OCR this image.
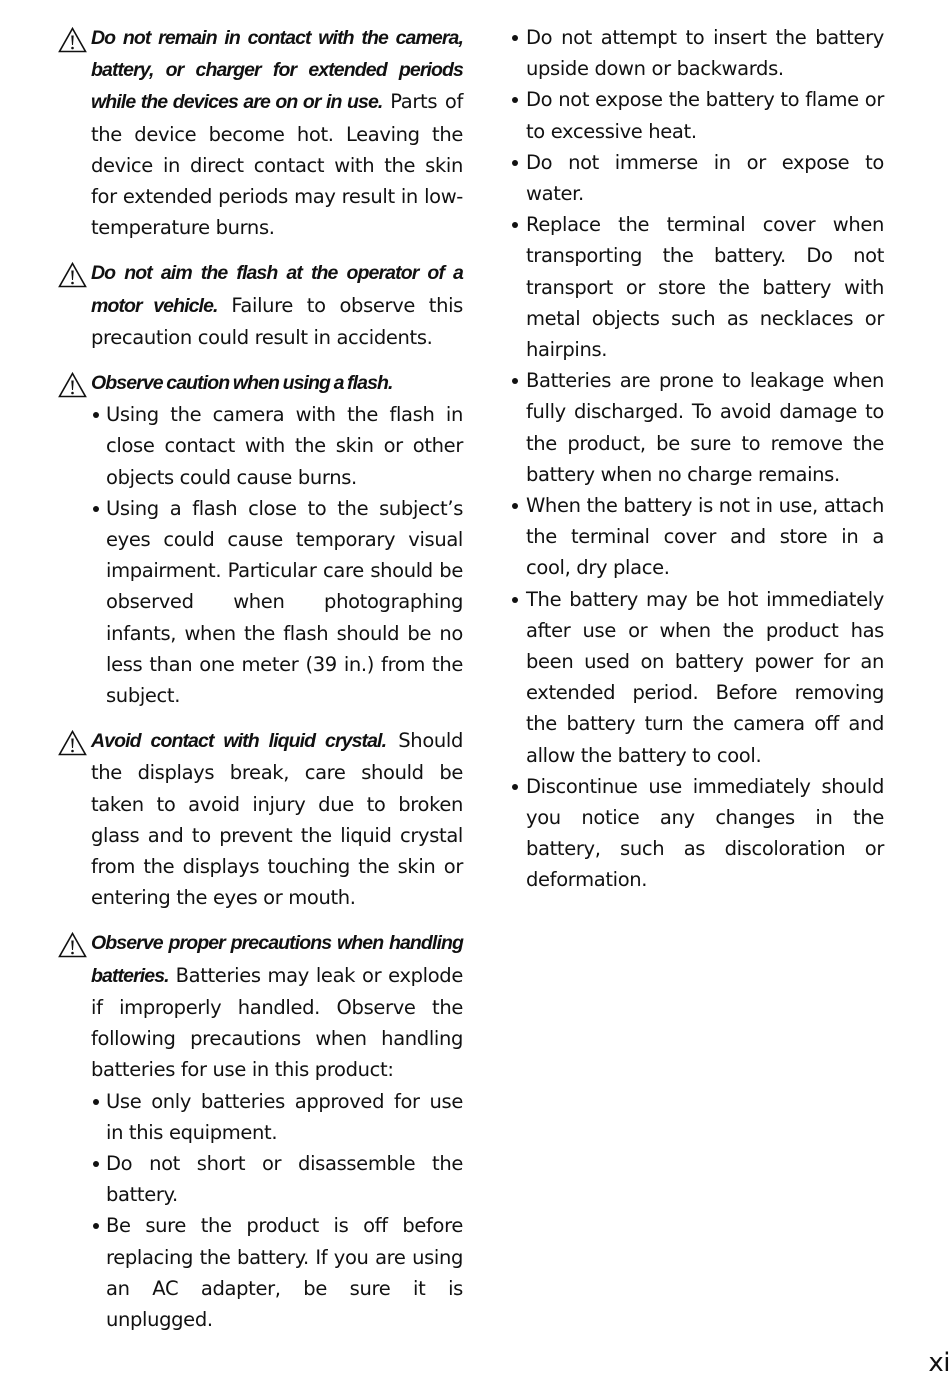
Do not remain in contact with the camera, battery, or charger for extended periods while the devices are on or in use. Parts of the device become hot. Leaving the device in direct contact with the skin for extended periods may result in low-temperature burns.

Do not aim the flash at the operator of a motor vehicle. Failure to observe this precaution could result in accidents.

Observe caution when using a flash.

Using the camera with the flash in close contact with the skin or other objects could cause burns.
Using a flash close to the subject’s eyes could cause temporary visual impairment. Particular care should be observed when photographing infants, when the flash should be no less than one meter (39 in.) from the subject.

Avoid contact with liquid crystal. Should the displays break, care should be taken to avoid injury due to broken glass and to prevent the liquid crystal from the displays touching the skin or entering the eyes or mouth.

Observe proper precautions when handling batteries. Batteries may leak or explode if improperly handled. Observe the following precautions when handling batteries for use in this product:

Use only batteries approved for use in this equipment.
Do not short or disassemble the battery.
Be sure the product is off before replacing the battery. If you are using an AC adapter, be sure it is unplugged.
Do not attempt to insert the battery upside down or backwards.
Do not expose the battery to flame or to excessive heat.
Do not immerse in or expose to water.
Replace the terminal cover when transporting the battery. Do not transport or store the battery with metal objects such as necklaces or hairpins.
Batteries are prone to leakage when fully discharged. To avoid damage to the product, be sure to remove the battery when no charge remains.
When the battery is not in use, attach the terminal cover and store in a cool, dry place.
The battery may be hot immediately after use or when the product has been used on battery power for an extended period. Before removing the battery turn the camera off and allow the battery to cool.
Discontinue use immediately should you notice any changes in the battery, such as discoloration or deformation.
xi
